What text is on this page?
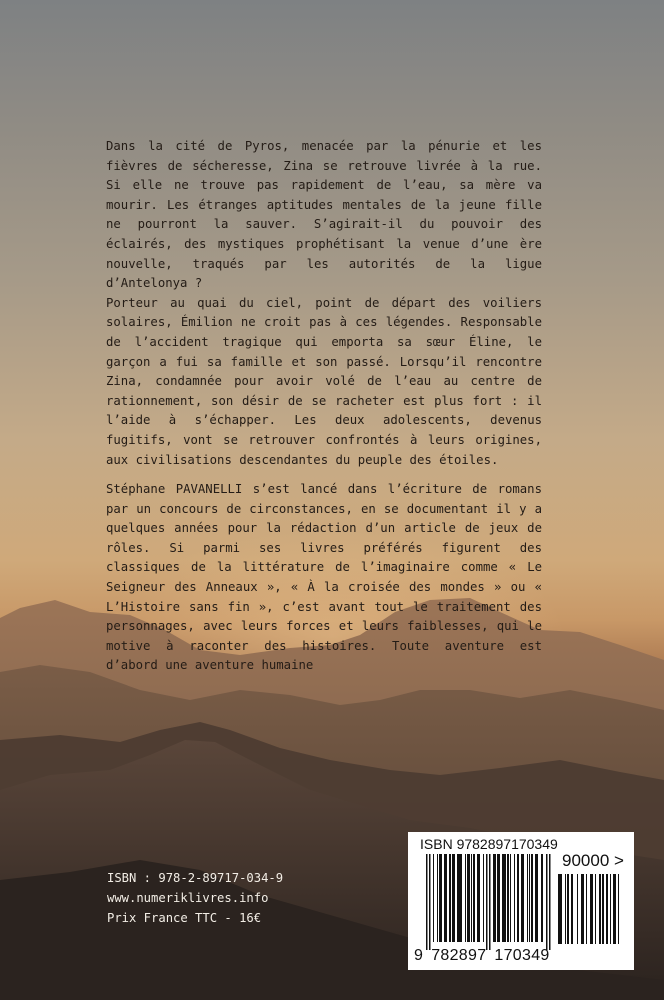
Dans la cité de Pyros, menacée par la pénurie et les fièvres de sécheresse, Zina se retrouve livrée à la rue. Si elle ne trouve pas rapidement de l’eau, sa mère va mourir. Les étranges aptitudes mentales de la jeune fille ne pourront la sauver. S’agirait-il du pouvoir des éclairés, des mystiques prophétisant la venue d’une ère nouvelle, traqués par les autorités de la ligue d’Antelonya ?

Porteur au quai du ciel, point de départ des voiliers solaires, Émilion ne croit pas à ces légendes. Responsable de l’accident tragique qui emporta sa sœur Éline, le garçon a fui sa famille et son passé. Lorsqu’il rencontre Zina, condamnée pour avoir volé de l’eau au centre de rationnement, son désir de se racheter est plus fort : il l’aide à s’échapper. Les deux adolescents, devenus fugitifs, vont se retrouver confrontés à leurs origines, aux civilisations descendantes du peuple des étoiles.

Stéphane PAVANELLI s’est lancé dans l’écriture de romans par un concours de circonstances, en se documentant il y a quelques années pour la rédaction d’un article de jeux de rôles. Si parmi ses livres préférés figurent des classiques de la littérature de l’imaginaire comme « Le Seigneur des Anneaux », « À la croisée des mondes » ou « L’Histoire sans fin », c’est avant tout le traitement des personnages, avec leurs forces et leurs faiblesses, qui le motive à raconter des histoires. Toute aventure est d’abord une aventure humaine

ISBN : 978-2-89717-034-9
www.numeriklivres.info
Prix France TTC - 16€
ISBN 9782897170349
90000 >
9 782897 170349
